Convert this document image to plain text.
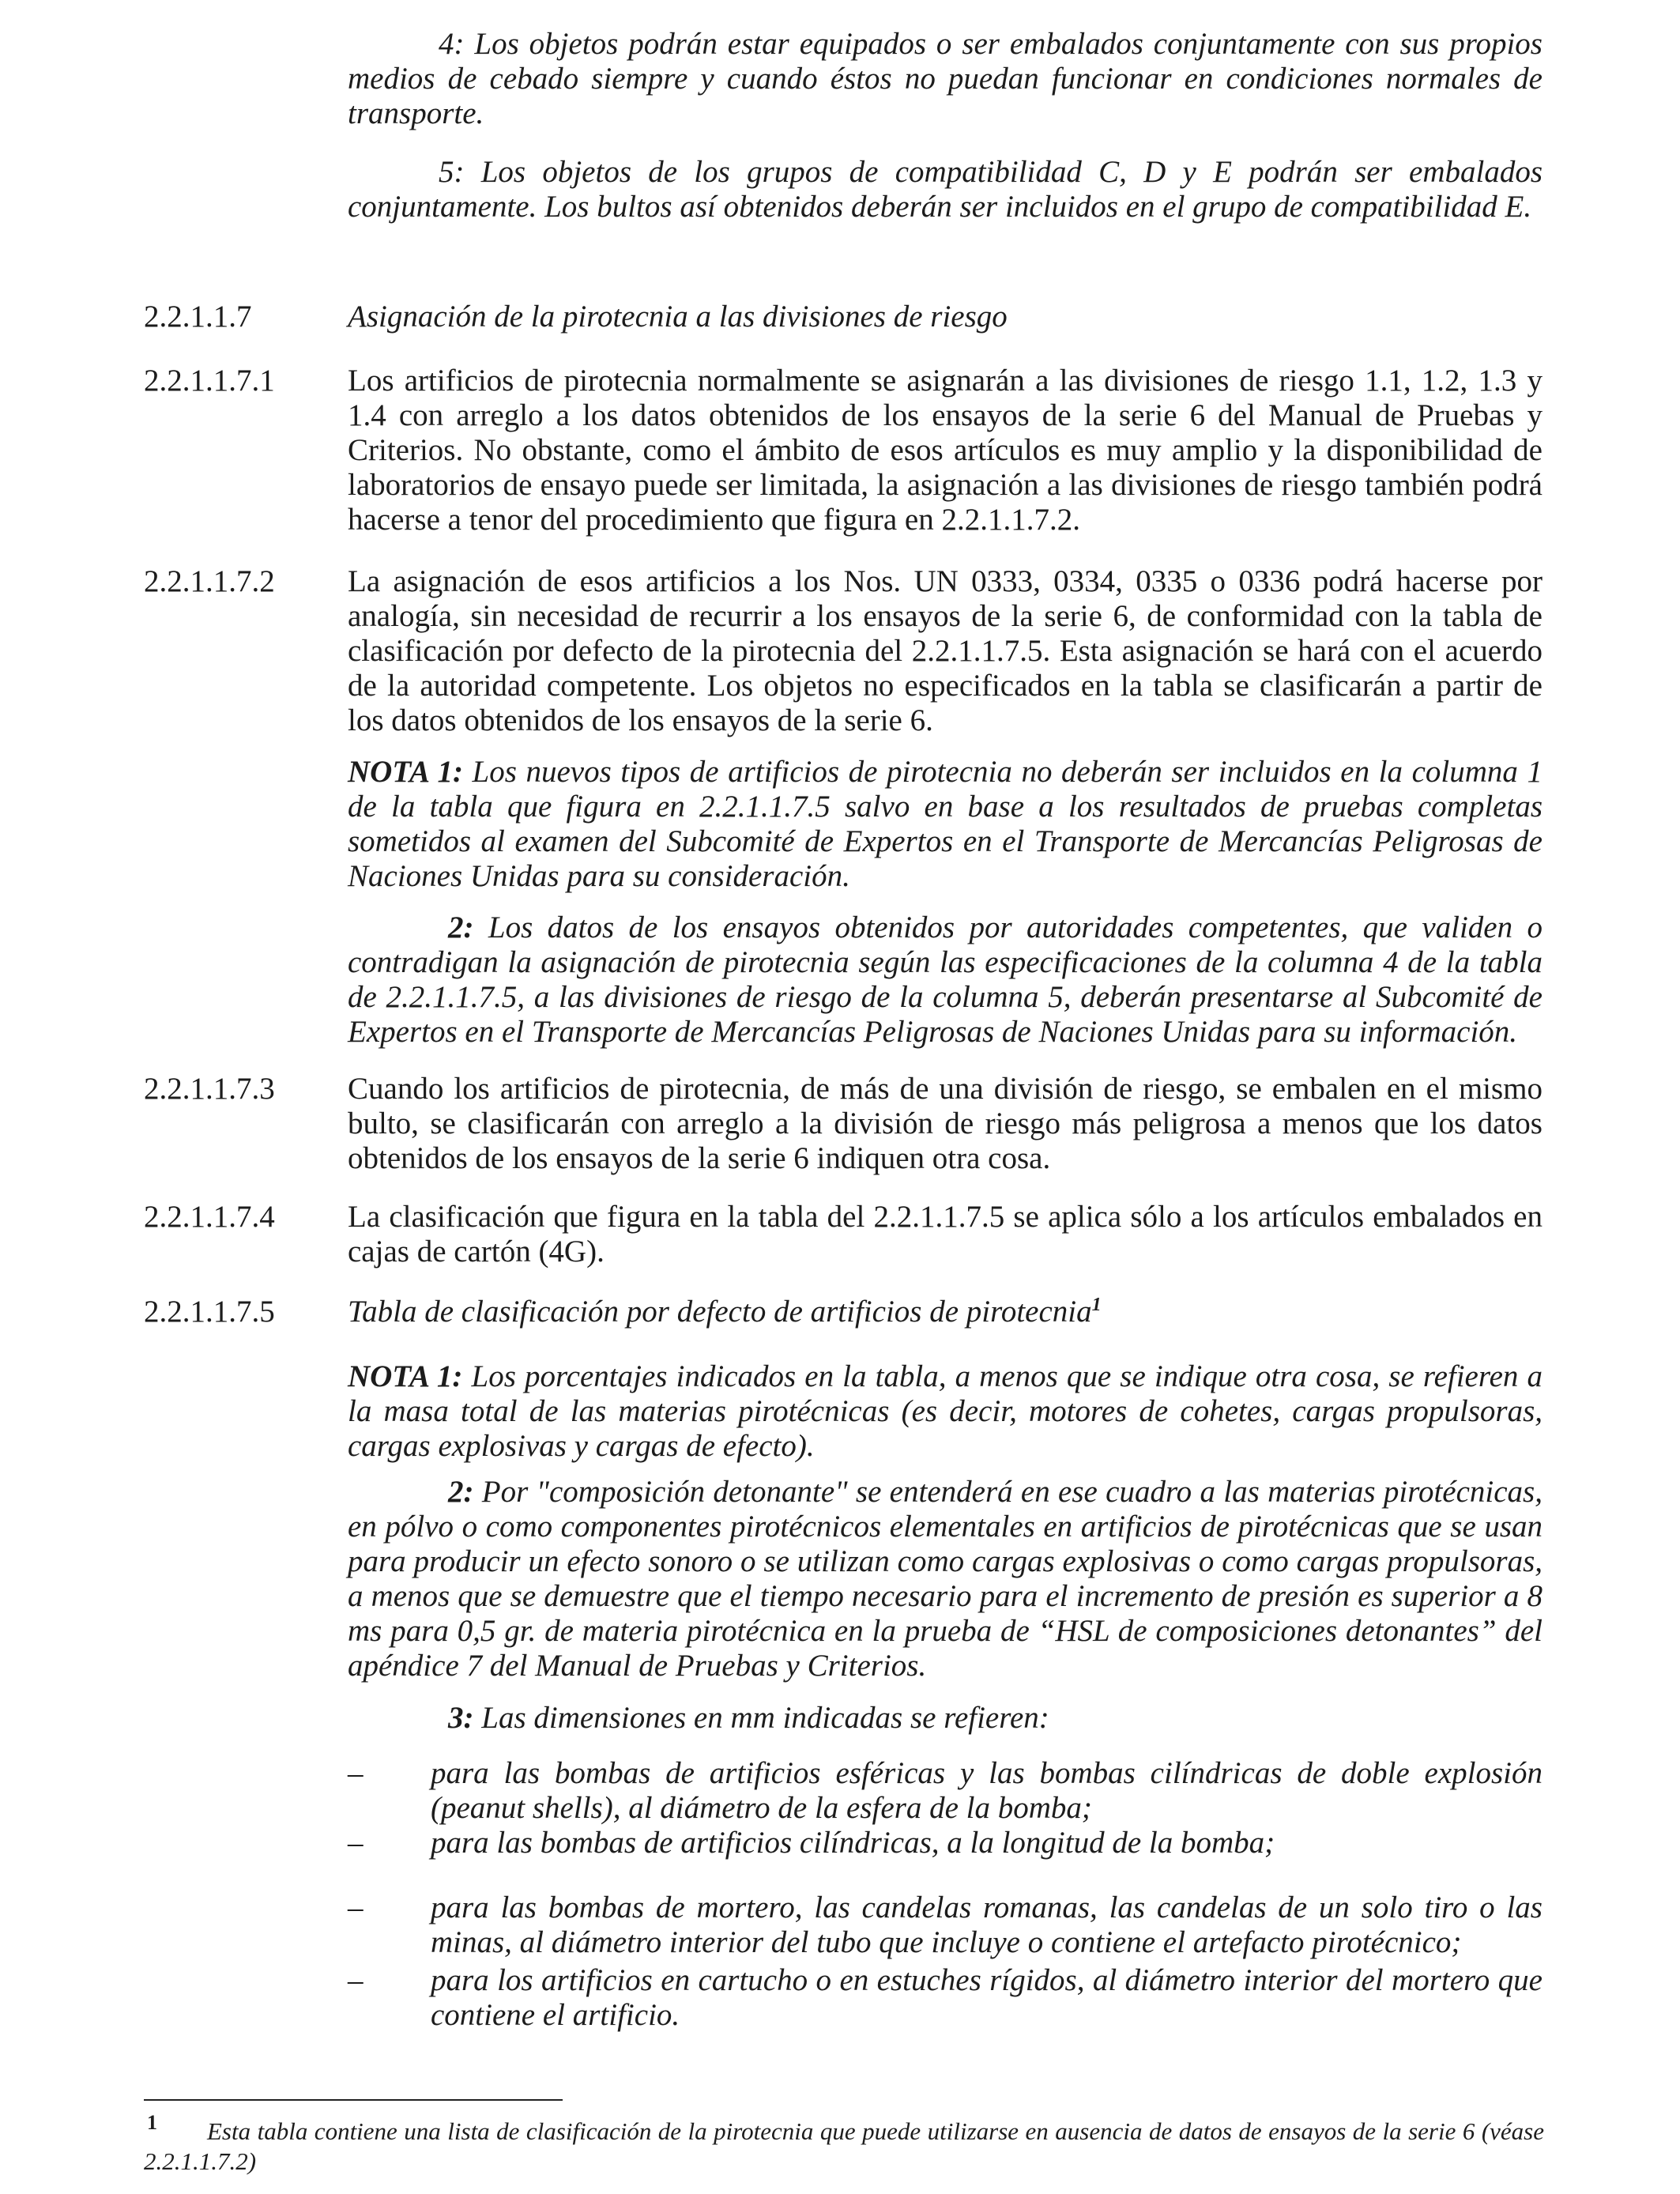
4: Los objetos podrán estar equipados o ser embalados conjuntamente con sus propios medios de cebado siempre y cuando éstos no puedan funcionar en condiciones normales de transporte.

5: Los objetos de los grupos de compatibilidad C, D y E podrán ser embalados conjuntamente. Los bultos así obtenidos deberán ser incluidos en el grupo de compatibilidad E.

2.2.1.1.7	Asignación de la pirotecnia a las divisiones de riesgo

2.2.1.1.7.1 Los artificios de pirotecnia normalmente se asignarán a las divisiones de riesgo 1.1, 1.2, 1.3 y 1.4 con arreglo a los datos obtenidos de los ensayos de la serie 6 del Manual de Pruebas y Criterios. No obstante, como el ámbito de esos artículos es muy amplio y la disponibilidad de laboratorios de ensayo puede ser limitada, la asignación a las divisiones de riesgo también podrá hacerse a tenor del procedimiento que figura en 2.2.1.1.7.2.

2.2.1.1.7.2 La asignación de esos artificios a los Nos. UN 0333, 0334, 0335 o 0336 podrá hacerse por analogía, sin necesidad de recurrir a los ensayos de la serie 6, de conformidad con la tabla de clasificación por defecto de la pirotecnia del 2.2.1.1.7.5. Esta asignación se hará con el acuerdo de la autoridad competente. Los objetos no especificados en la tabla se clasificarán a partir de los datos obtenidos de los ensayos de la serie 6.

NOTA 1: Los nuevos tipos de artificios de pirotecnia no deberán ser incluidos en la columna 1 de la tabla que figura en 2.2.1.1.7.5 salvo en base a los resultados de pruebas completas sometidos al examen del Subcomité de Expertos en el Transporte de Mercancías Peligrosas de Naciones Unidas para su consideración.

2: Los datos de los ensayos obtenidos por autoridades competentes, que validen o contradigan la asignación de pirotecnia según las especificaciones de la columna 4 de la tabla de 2.2.1.1.7.5, a las divisiones de riesgo de la columna 5, deberán presentarse al Subcomité de Expertos en el Transporte de Mercancías Peligrosas de Naciones Unidas para su información.

2.2.1.1.7.3 Cuando los artificios de pirotecnia, de más de una división de riesgo, se embalen en el mismo bulto, se clasificarán con arreglo a la división de riesgo más peligrosa a menos que los datos obtenidos de los ensayos de la serie 6 indiquen otra cosa.

2.2.1.1.7.4 La clasificación que figura en la tabla del 2.2.1.1.7.5 se aplica sólo a los artículos embalados en cajas de cartón (4G).

2.2.1.1.7.5 Tabla de clasificación por defecto de artificios de pirotecnia$^1$

NOTA 1: Los porcentajes indicados en la tabla, a menos que se indique otra cosa, se refieren a la masa total de las materias pirotécnicas (es decir, motores de cohetes, cargas propulsoras, cargas explosivas y cargas de efecto).

2: Por "composición detonante" se entenderá en ese cuadro a las materias pirotécnicas, en pólvo o como componentes pirotécnicos elementales en artificios de pirotécnicas que se usan para producir un efecto sonoro o se utilizan como cargas explosivas o como cargas propulsoras, a menos que se demuestre que el tiempo necesario para el incremento de presión es superior a 8 ms para 0,5 gr. de materia pirotécnica en la prueba de “HSL de composiciones detonantes” del apéndice 7 del Manual de Pruebas y Criterios.

3: Las dimensiones en mm indicadas se refieren:

– para las bombas de artificios esféricas y las bombas cilíndricas de doble explosión (peanut shells), al diámetro de la esfera de la bomba;

– para las bombas de artificios cilíndricas, a la longitud de la bomba;

– para las bombas de mortero, las candelas romanas, las candelas de un solo tiro o las minas, al diámetro interior del tubo que incluye o contiene el artefacto pirotécnico;

– para los artificios en cartucho o en estuches rígidos, al diámetro interior del mortero que contiene el artificio.

1	Esta tabla contiene una lista de clasificación de la pirotecnia que puede utilizarse en ausencia de datos de ensayos de la serie 6 (véase 2.2.1.1.7.2)
